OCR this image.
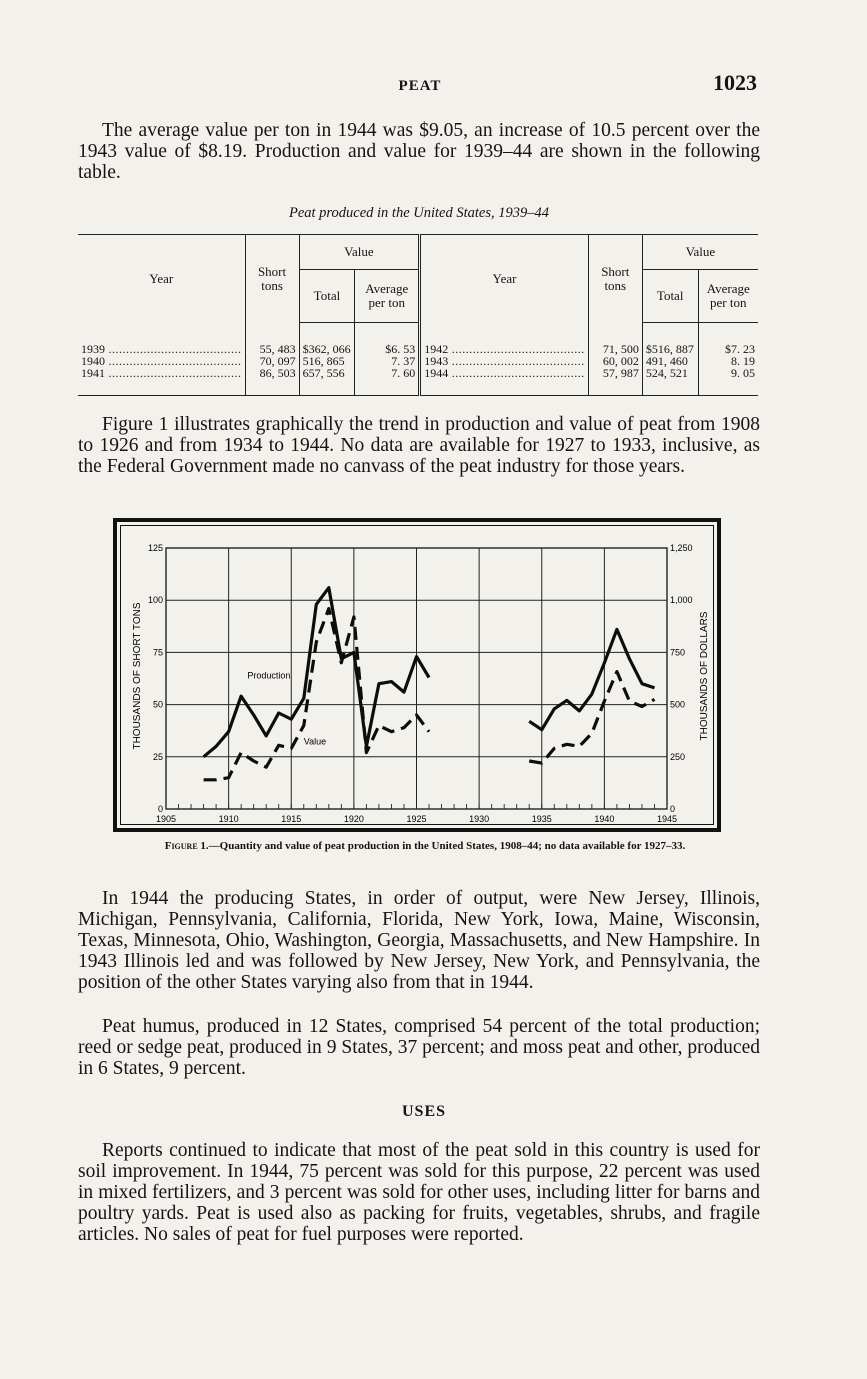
PEAT	1023

The average value per ton in 1944 was $9.05, an increase of 10.5 percent over the 1943 value of $8.19. Production and value for 1939–44 are shown in the following table.

Peat produced in the United States, 1939–44
Year	Short tons	Value		Year	Short tons	Value	
		Total	Average per ton			Total	Average per ton
1939 .....	55, 483	$362, 066	$6. 53	1942 .....	71, 500	$516, 887	$7. 23
1940 .....	70, 097	516, 865	7. 37	1943 .....	60, 002	491, 460	8. 19
1941 .....	86, 503	657, 556	7. 60	1944 .....	57, 987	524, 521	9. 05

Figure 1 illustrates graphically the trend in production and value of peat from 1908 to 1926 and from 1934 to 1944. No data are available for 1927 to 1933, inclusive, as the Federal Government made no canvass of the peat industry for those years.

1905	1910	1915	1920	1925	1930	1935	1940	1945
0
25
50
75
100
125
0
250
500
750
1,000
1,250
THOUSANDS OF SHORT TONS	THOUSANDS OF DOLLARS
Production
Value
Figure 1.—Quantity and value of peat production in the United States, 1908–44; no data available for 1927–33.

In 1944 the producing States, in order of output, were New Jersey, Illinois, Michigan, Pennsylvania, California, Florida, New York, Iowa, Maine, Wisconsin, Texas, Minnesota, Ohio, Washington, Georgia, Massachusetts, and New Hampshire. In 1943 Illinois led and was followed by New Jersey, New York, and Pennsylvania, the position of the other States varying also from that in 1944.

Peat humus, produced in 12 States, comprised 54 percent of the total production; reed or sedge peat, produced in 9 States, 37 percent; and moss peat and other, produced in 6 States, 9 percent.

USES

Reports continued to indicate that most of the peat sold in this country is used for soil improvement. In 1944, 75 percent was sold for this purpose, 22 percent was used in mixed fertilizers, and 3 percent was sold for other uses, including litter for barns and poultry yards. Peat is used also as packing for fruits, vegetables, shrubs, and fragile articles. No sales of peat for fuel purposes were reported.
